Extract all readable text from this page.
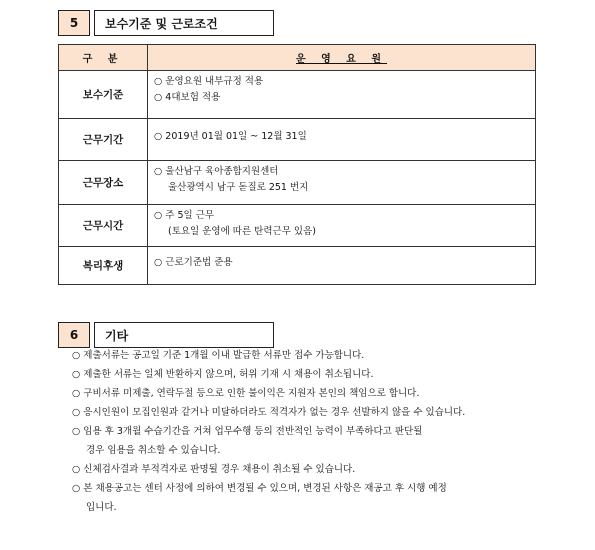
5	보수기준 및 근로조건
구 분	운 영 요 원
보수기준	○ 운영요원 내부규정 적용
○ 4대보험 적용

근무기간	○ 2019년 01월 01일 ~ 12월 31일

근무장소	○ 울산남구 육아종합지원센터
울산광역시 남구 돋질로 251 번지

근무시간	○ 주 5일 근무
(토요일 운영에 따른 탄력근무 있음)

복리후생	○ 근로기준법 준용
6	기타
○ 제출서류는 공고일 기준 1개월 이내 발급한 서류만 접수 가능합니다.
○ 제출한 서류는 일체 반환하지 않으며, 허위 기재 시 채용이 취소됩니다.
○ 구비서류 미제출, 연락두절 등으로 인한 불이익은 지원자 본인의 책임으로 합니다.
○ 응시인원이 모집인원과 같거나 미달하더라도 적격자가 없는 경우 선발하지 않을 수 있습니다.
○ 임용 후 3개월 수습기간을 거쳐 업무수행 등의 전반적인 능력이 부족하다고 판단될
경우 임용을 취소할 수 있습니다.
○ 신체검사결과 부적격자로 판명될 경우 채용이 취소될 수 있습니다.
○ 본 채용공고는 센터 사정에 의하여 변경될 수 있으며, 변경된 사항은 재공고 후 시행 예정
입니다.
